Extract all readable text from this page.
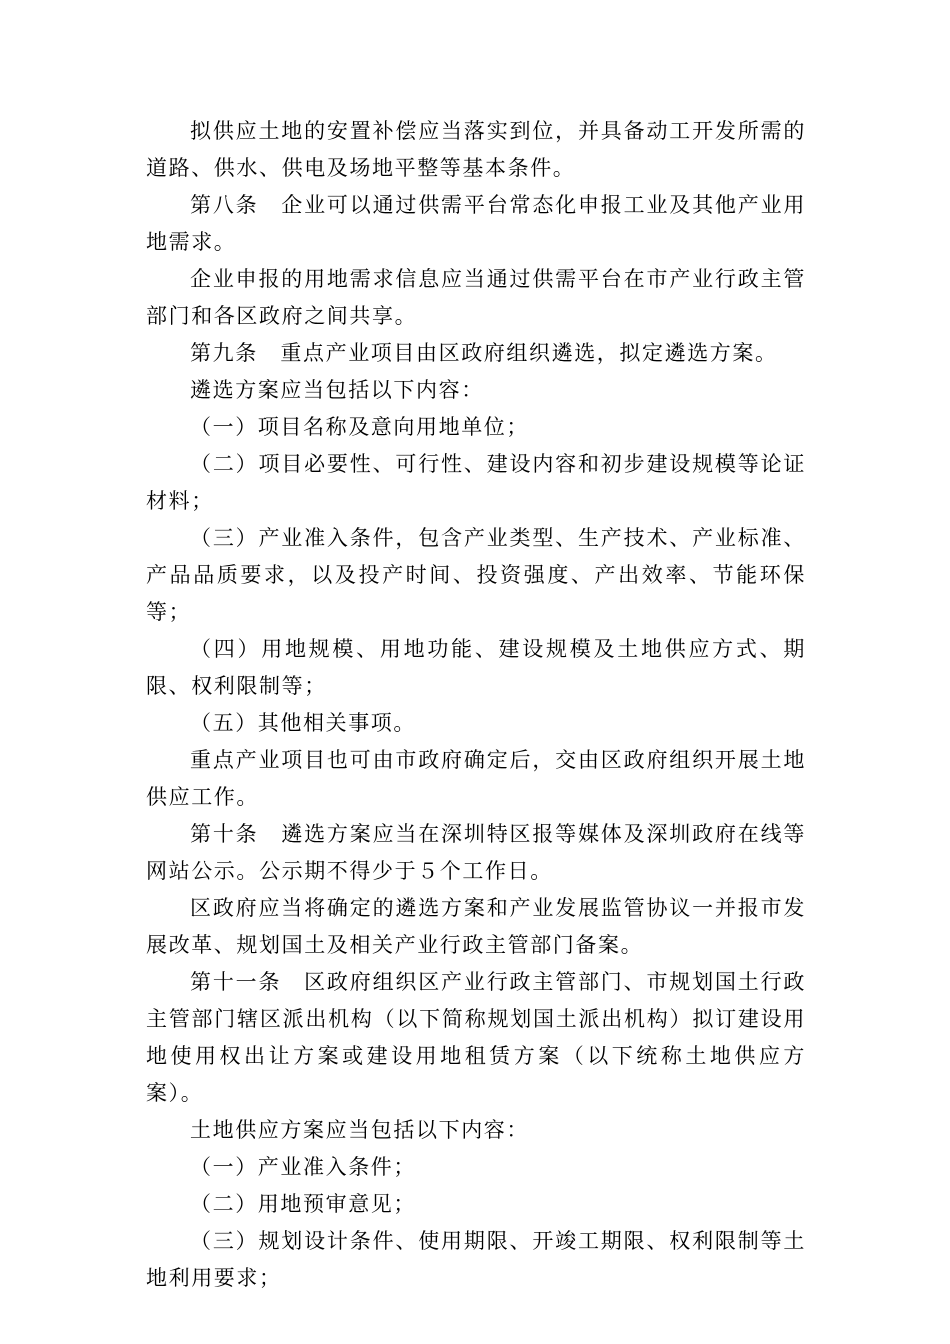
拟供应土地的安置补偿应当落实到位，并具备动工开发所需的道路、供水、供电及场地平整等基本条件。

第八条　企业可以通过供需平台常态化申报工业及其他产业用地需求。

企业申报的用地需求信息应当通过供需平台在市产业行政主管部门和各区政府之间共享。

第九条　重点产业项目由区政府组织遴选，拟定遴选方案。

遴选方案应当包括以下内容：

（一）项目名称及意向用地单位；

（二）项目必要性、可行性、建设内容和初步建设规模等论证材料；

（三）产业准入条件，包含产业类型、生产技术、产业标准、产品品质要求，以及投产时间、投资强度、产出效率、节能环保等；

（四）用地规模、用地功能、建设规模及土地供应方式、期限、权利限制等；

（五）其他相关事项。

重点产业项目也可由市政府确定后，交由区政府组织开展土地供应工作。

第十条　遴选方案应当在深圳特区报等媒体及深圳政府在线等网站公示。公示期不得少于５个工作日。

区政府应当将确定的遴选方案和产业发展监管协议一并报市发展改革、规划国土及相关产业行政主管部门备案。

第十一条　区政府组织区产业行政主管部门、市规划国土行政主管部门辖区派出机构（以下简称规划国土派出机构）拟订建设用地使用权出让方案或建设用地租赁方案（以下统称土地供应方案）。

土地供应方案应当包括以下内容：

（一）产业准入条件；

（二）用地预审意见；

（三）规划设计条件、使用期限、开竣工期限、权利限制等土地利用要求；
